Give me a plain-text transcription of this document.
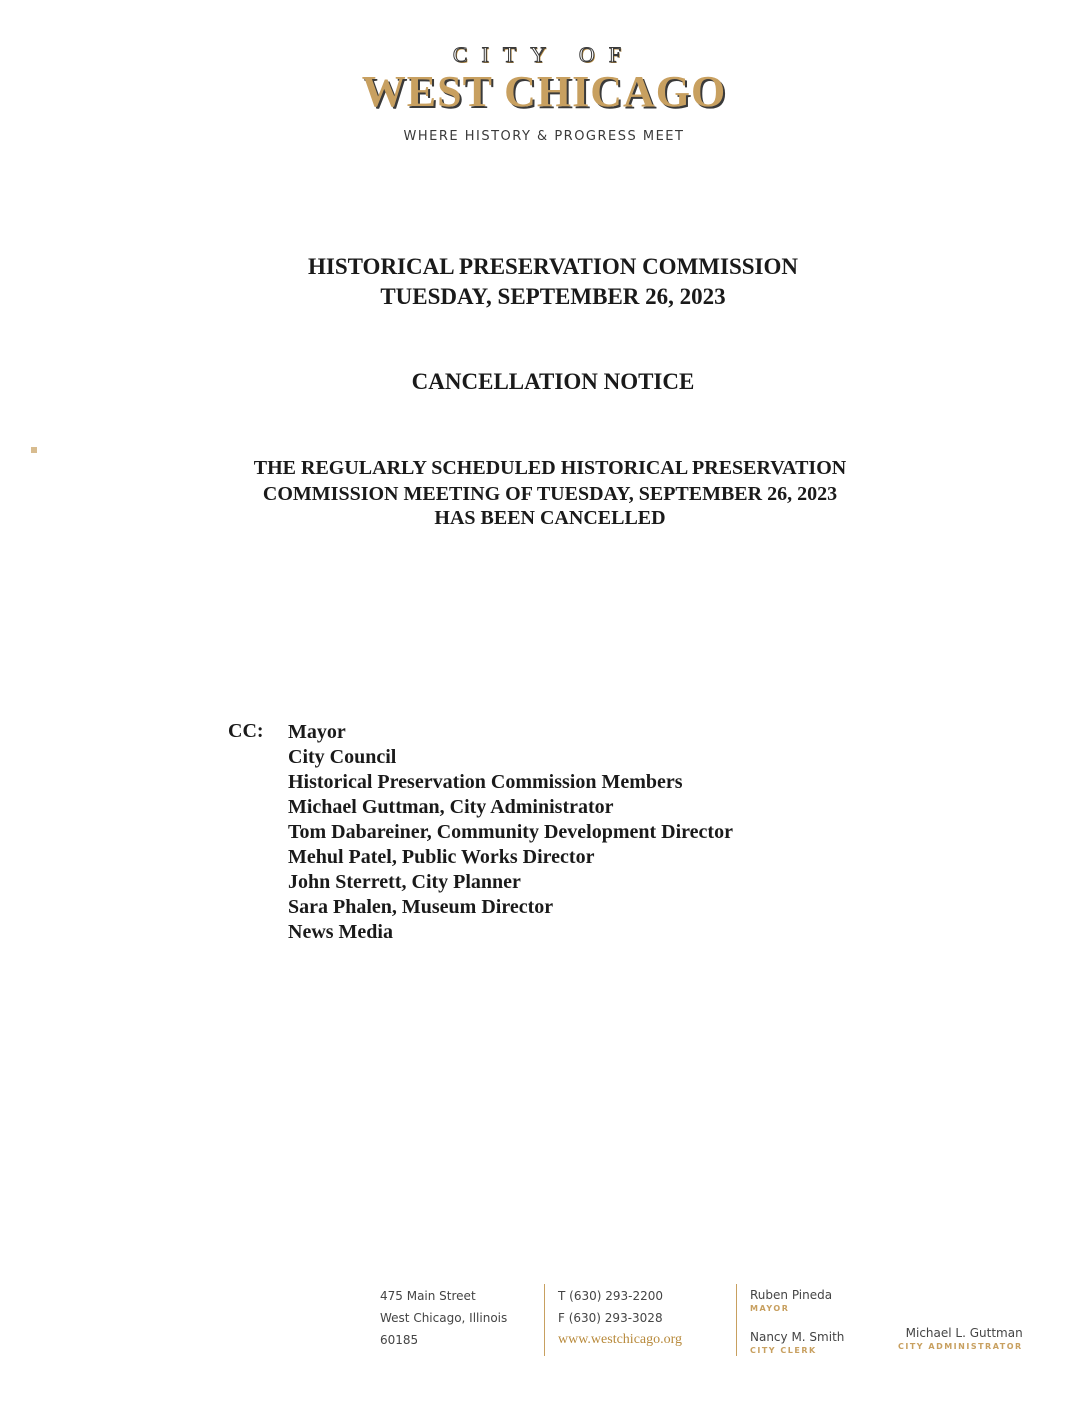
CITY OF
WEST CHICAGO
WHERE HISTORY & PROGRESS MEET
HISTORICAL PRESERVATION COMMISSION
TUESDAY, SEPTEMBER 26, 2023
CANCELLATION NOTICE
THE REGULARLY SCHEDULED HISTORICAL PRESERVATION
COMMISSION MEETING OF TUESDAY, SEPTEMBER 26, 2023
HAS BEEN CANCELLED
CC: Mayor
City Council
Historical Preservation Commission Members
Michael Guttman, City Administrator
Tom Dabareiner, Community Development Director
Mehul Patel, Public Works Director
John Sterrett, City Planner
Sara Phalen, Museum Director
News Media

475 Main Street

West Chicago, Illinois

60185

T (630) 293-2200

F (630) 293-3028

www.westchicago.org

Ruben Pineda

MAYOR

Nancy M. Smith

CITY CLERK

Michael L. Guttman

CITY ADMINISTRATOR
